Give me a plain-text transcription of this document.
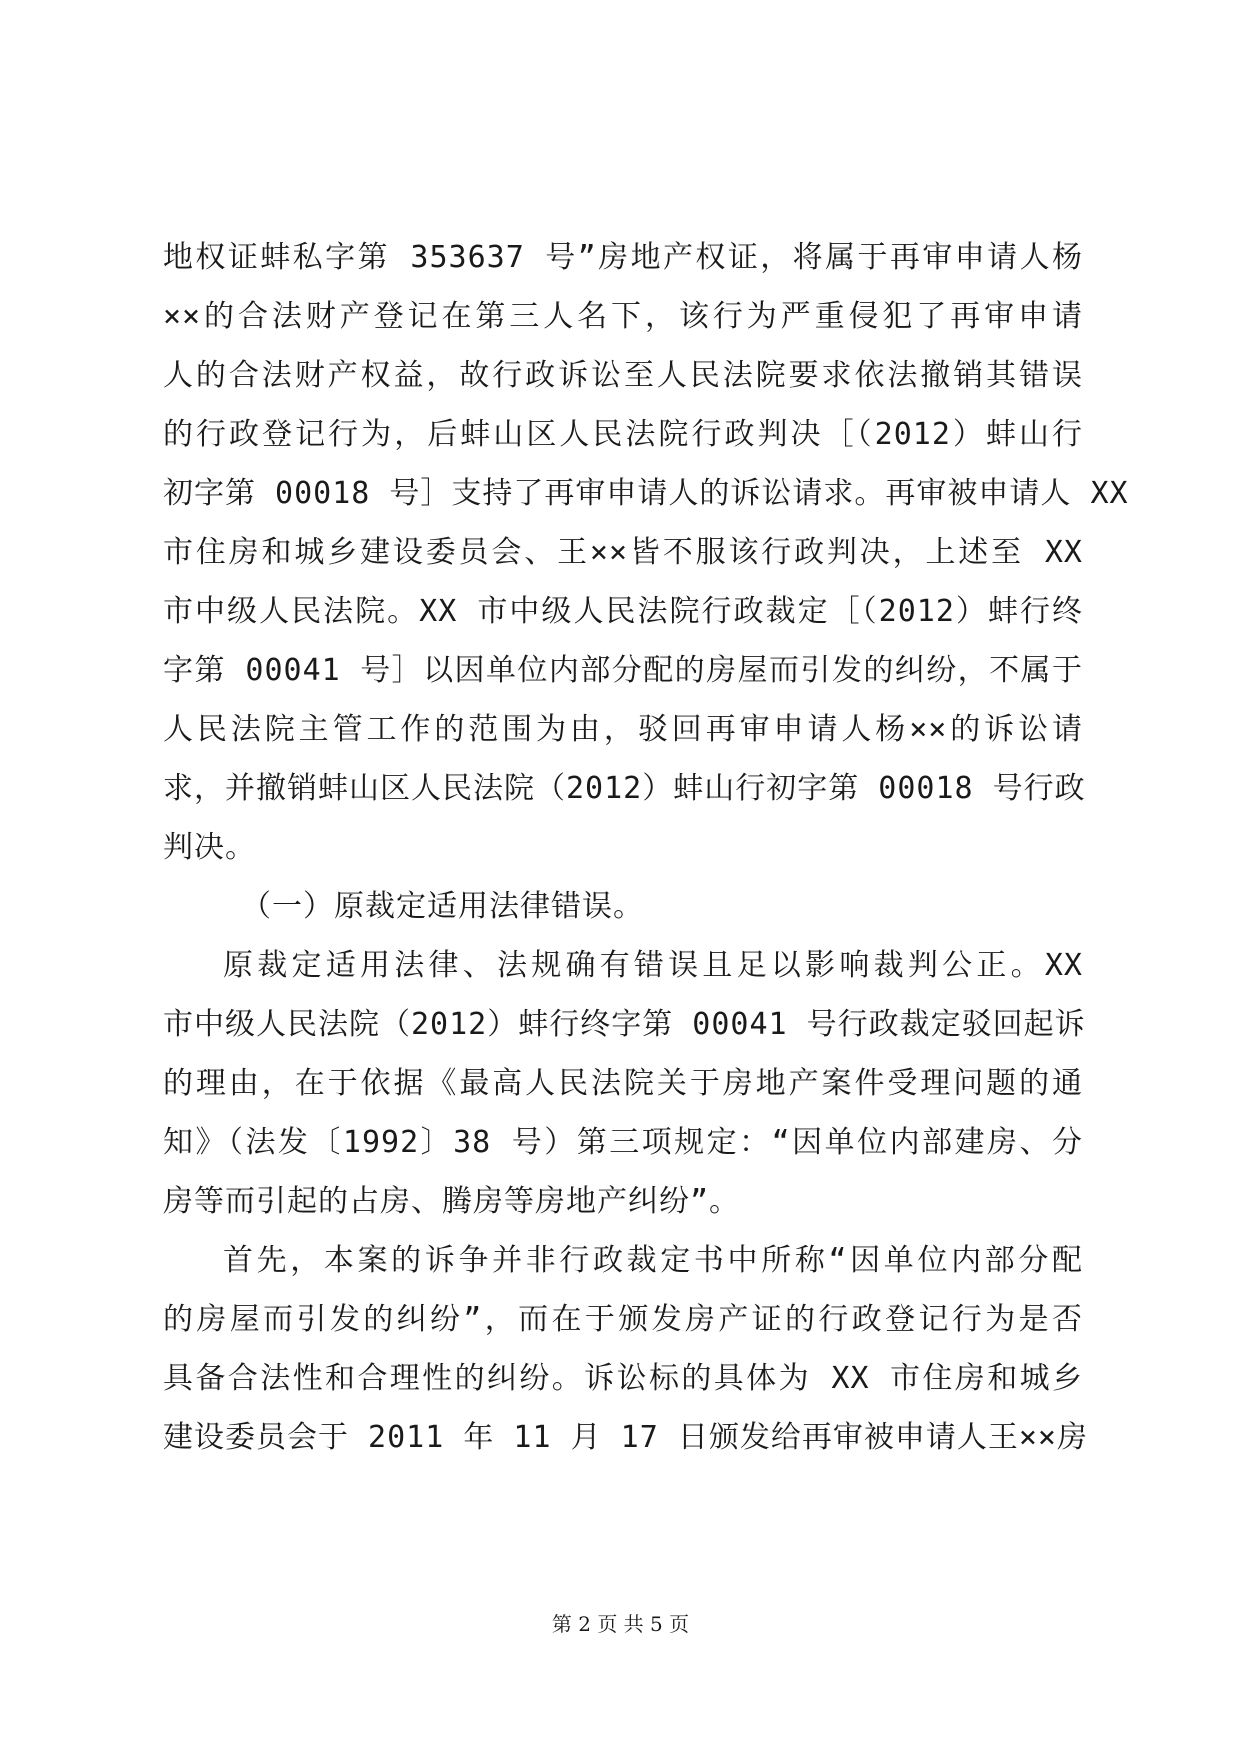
地权证蚌私字第 353637 号”房地产权证，将属于再审申请人杨
××的合法财产登记在第三人名下，该行为严重侵犯了再审申请
人的合法财产权益，故行政诉讼至人民法院要求依法撤销其错误
的行政登记行为，后蚌山区人民法院行政判决［（2012）蚌山行
初字第 00018 号］支持了再审申请人的诉讼请求。再审被申请人 XX
市住房和城乡建设委员会、王××皆不服该行政判决，上述至 XX
市中级人民法院。XX 市中级人民法院行政裁定［（2012）蚌行终
字第 00041 号］以因单位内部分配的房屋而引发的纠纷，不属于
人民法院主管工作的范围为由，驳回再审申请人杨××的诉讼请
求，并撤销蚌山区人民法院（2012）蚌山行初字第 00018 号行政
判决。
（一）原裁定适用法律错误。
原裁定适用法律、法规确有错误且足以影响裁判公正。XX
市中级人民法院（2012）蚌行终字第 00041 号行政裁定驳回起诉
的理由，在于依据《最高人民法院关于房地产案件受理问题的通
知》（法发〔1992〕38 号）第三项规定：“因单位内部建房、分
房等而引起的占房、腾房等房地产纠纷”。
首先，本案的诉争并非行政裁定书中所称“因单位内部分配
的房屋而引发的纠纷”，而在于颁发房产证的行政登记行为是否
具备合法性和合理性的纠纷。诉讼标的具体为 XX 市住房和城乡
建设委员会于 2011 年 11 月 17 日颁发给再审被申请人王××房
第 2 页 共 5 页
